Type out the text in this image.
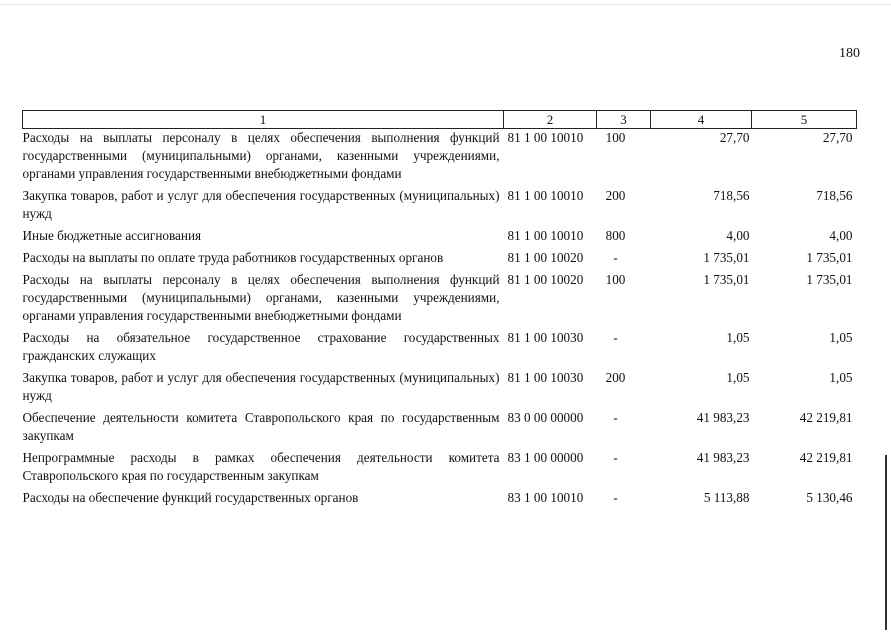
180
1	2	3	4	5
Расходы на выплаты персоналу в целях обеспечения выполнения функций государственными (муниципальными) органами, казенными учреждениями, органами управления государственными внебюджетными фондами	81 1 00 10010	100	27,70	27,70
Закупка товаров, работ и услуг для обеспечения государственных (муниципальных) нужд	81 1 00 10010	200	718,56	718,56
Иные бюджетные ассигнования	81 1 00 10010	800	4,00	4,00
Расходы на выплаты по оплате труда работников государственных органов	81 1 00 10020	-	1 735,01	1 735,01
Расходы на выплаты персоналу в целях обеспечения выполнения функций государственными (муниципальными) органами, казенными учреждениями, органами управления государственными внебюджетными фондами	81 1 00 10020	100	1 735,01	1 735,01
Расходы на обязательное государственное страхование государственных гражданских служащих	81 1 00 10030	-	1,05	1,05
Закупка товаров, работ и услуг для обеспечения государственных (муниципальных) нужд	81 1 00 10030	200	1,05	1,05
Обеспечение деятельности комитета Ставропольского края по государственным закупкам	83 0 00 00000	-	41 983,23	42 219,81
Непрограммные расходы в рамках обеспечения деятельности комитета Ставропольского края по государственным закупкам	83 1 00 00000	-	41 983,23	42 219,81
Расходы на обеспечение функций государственных органов	83 1 00 10010	-	5 113,88	5 130,46
